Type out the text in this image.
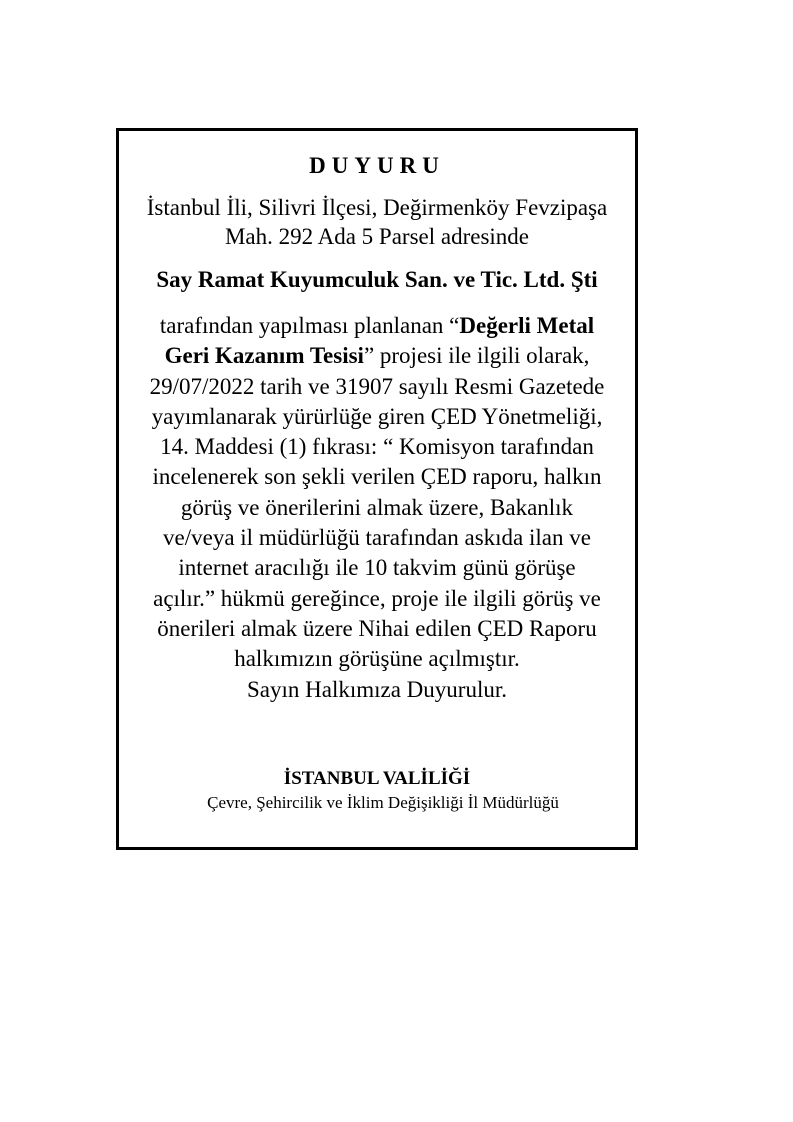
DUYURU
İstanbul İli, Silivri İlçesi, Değirmenköy Fevzipaşa
Mah. 292 Ada 5 Parsel adresinde
Say Ramat Kuyumculuk San. ve Tic. Ltd. Şti
tarafından yapılması planlanan “Değerli Metal
Geri Kazanım Tesisi” projesi ile ilgili olarak,
29/07/2022 tarih ve 31907 sayılı Resmi Gazetede
yayımlanarak yürürlüğe giren ÇED Yönetmeliği,
14. Maddesi (1) fıkrası: “ Komisyon tarafından
incelenerek son şekli verilen ÇED raporu, halkın
görüş ve önerilerini almak üzere, Bakanlık
ve/veya il müdürlüğü tarafından askıda ilan ve
internet aracılığı ile 10 takvim günü görüşe
açılır.” hükmü gereğince, proje ile ilgili görüş ve
önerileri almak üzere Nihai edilen ÇED Raporu
halkımızın görüşüne açılmıştır.
Sayın Halkımıza Duyurulur.
İSTANBUL VALİLİĞİ
Çevre, Şehircilik ve İklim Değişikliği İl Müdürlüğü
